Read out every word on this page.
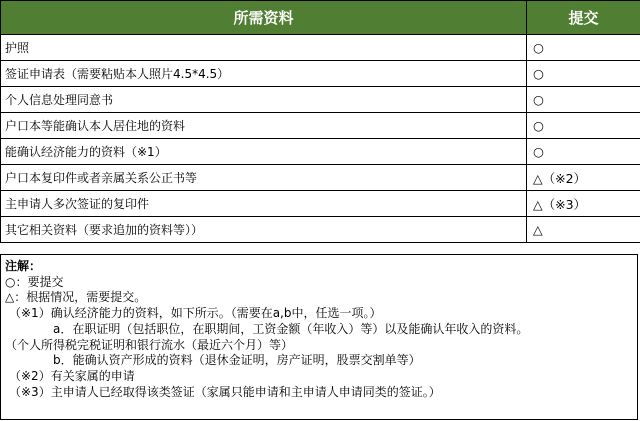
所需资料	提交
护照	○
签证申请表（需要粘贴本人照片4.5*4.5）	○
个人信息处理同意书	○
户口本等能确认本人居住地的资料	○
能确认经济能力的资料（※1）	○
户口本复印件或者亲属关系公正书等	△（※2）
主申请人多次签证的复印件	△（※3）
其它相关资料（要求追加的资料等））	△
注解：
○：要提交
△：根据情况，需要提交。
（※1）确认经济能力的资料，如下所示。（需要在a,b中，任选一项。）
a．在职证明（包括职位，在职期间，工资金额（年收入）等）以及能确认年收入的资料。
（个人所得税完税证明和银行流水（最近六个月）等）
b．能确认资产形成的资料（退休金证明，房产证明，股票交割单等）
（※2）有关家属的申请
（※3）主申请人已经取得该类签证（家属只能申请和主申请人申请同类的签证。）
